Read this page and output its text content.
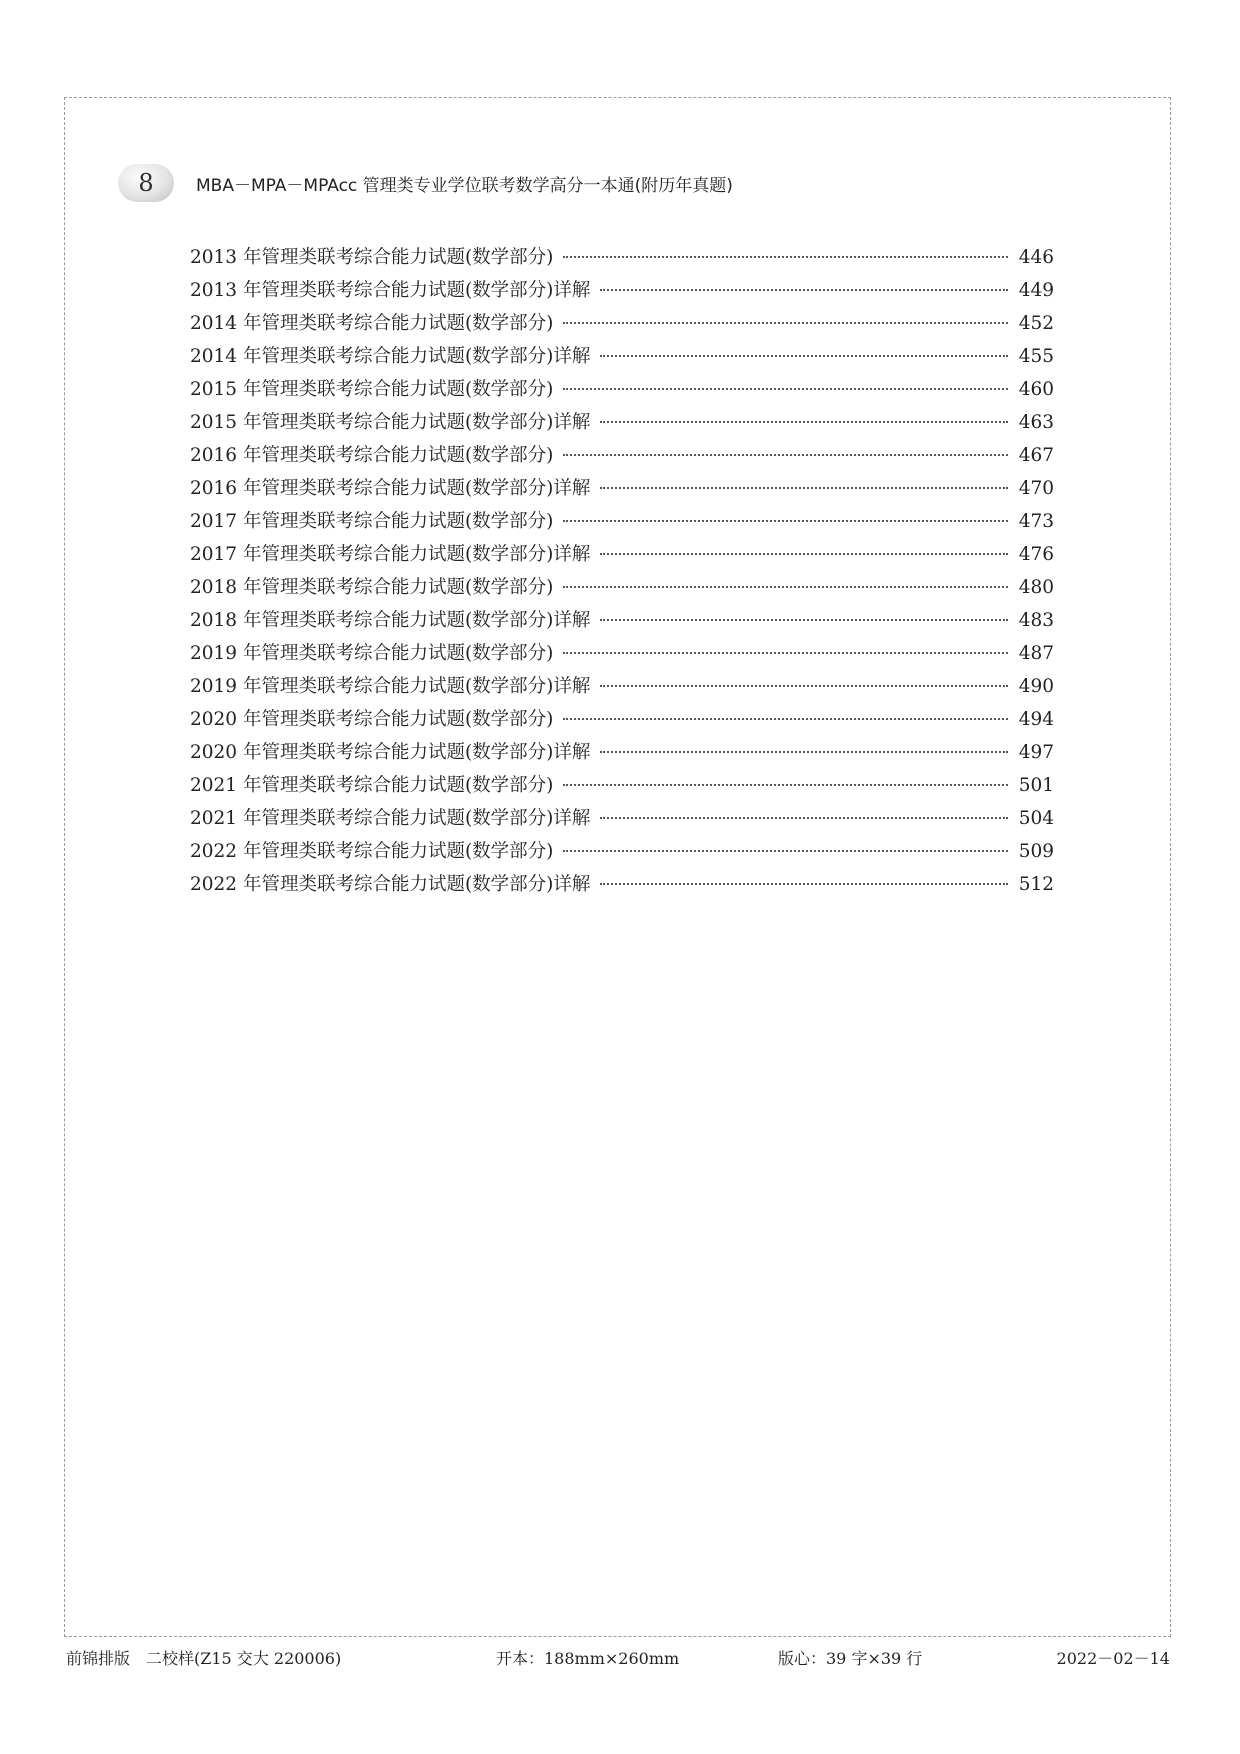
8 MBA－MPA－MPAcc 管理类专业学位联考数学高分一本通(附历年真题)
2013 年管理类联考综合能力试题(数学部分)	446
2013 年管理类联考综合能力试题(数学部分)详解	449
2014 年管理类联考综合能力试题(数学部分)	452
2014 年管理类联考综合能力试题(数学部分)详解	455
2015 年管理类联考综合能力试题(数学部分)	460
2015 年管理类联考综合能力试题(数学部分)详解	463
2016 年管理类联考综合能力试题(数学部分)	467
2016 年管理类联考综合能力试题(数学部分)详解	470
2017 年管理类联考综合能力试题(数学部分)	473
2017 年管理类联考综合能力试题(数学部分)详解	476
2018 年管理类联考综合能力试题(数学部分)	480
2018 年管理类联考综合能力试题(数学部分)详解	483
2019 年管理类联考综合能力试题(数学部分)	487
2019 年管理类联考综合能力试题(数学部分)详解	490
2020 年管理类联考综合能力试题(数学部分)	494
2020 年管理类联考综合能力试题(数学部分)详解	497
2021 年管理类联考综合能力试题(数学部分)	501
2021 年管理类联考综合能力试题(数学部分)详解	504
2022 年管理类联考综合能力试题(数学部分)	509
2022 年管理类联考综合能力试题(数学部分)详解	512
前锦排版　二校样(Z15 交大 220006)	开本：188mm×260mm	版心：39 字×39 行	2022－02－14
